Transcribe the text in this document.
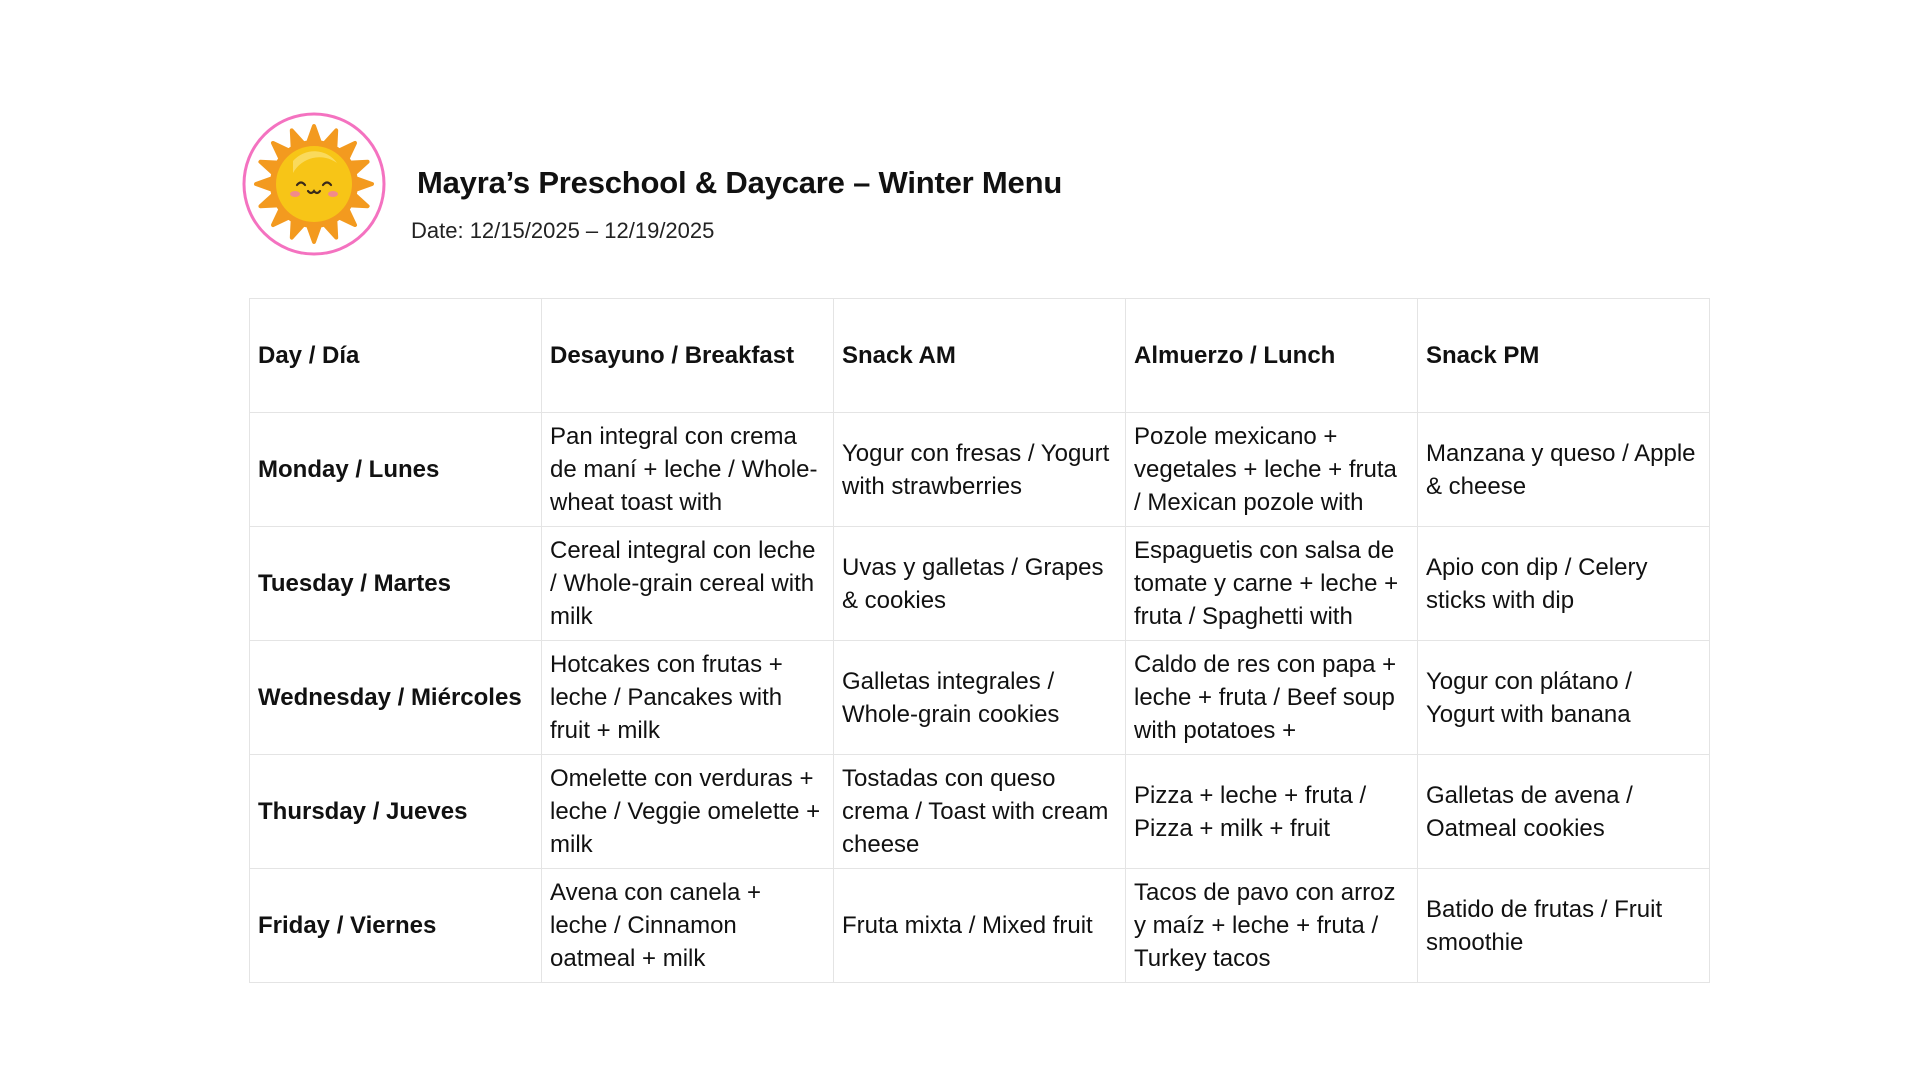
Mayra’s Preschool & Daycare – Winter Menu
Date: 12/15/2025 – 12/19/2025
Day / Día	Desayuno / Breakfast	Snack AM	Almuerzo / Lunch	Snack PM

Monday / Lunes	Pan integral con crema de maní + leche / Whole-wheat toast with	Yogur con fresas / Yogurt with strawberries	Pozole mexicano + vegetales + leche + fruta / Mexican pozole with	Manzana y queso / Apple & cheese

Tuesday / Martes	Cereal integral con leche / Whole-grain cereal with milk	Uvas y galletas / Grapes & cookies	Espaguetis con salsa de tomate y carne + leche + fruta / Spaghetti with	Apio con dip / Celery sticks with dip

Wednesday / Miércoles	Hotcakes con frutas + leche / Pancakes with fruit + milk	Galletas integrales / Whole-grain cookies	Caldo de res con papa + leche + fruta / Beef soup with potatoes +	Yogur con plátano / Yogurt with banana

Thursday / Jueves	Omelette con verduras + leche / Veggie omelette + milk	Tostadas con queso crema / Toast with cream cheese	Pizza + leche + fruta / Pizza + milk + fruit	Galletas de avena / Oatmeal cookies

Friday / Viernes	Avena con canela + leche / Cinnamon oatmeal + milk	Fruta mixta / Mixed fruit	Tacos de pavo con arroz y maíz + leche + fruta / Turkey tacos	Batido de frutas / Fruit smoothie
